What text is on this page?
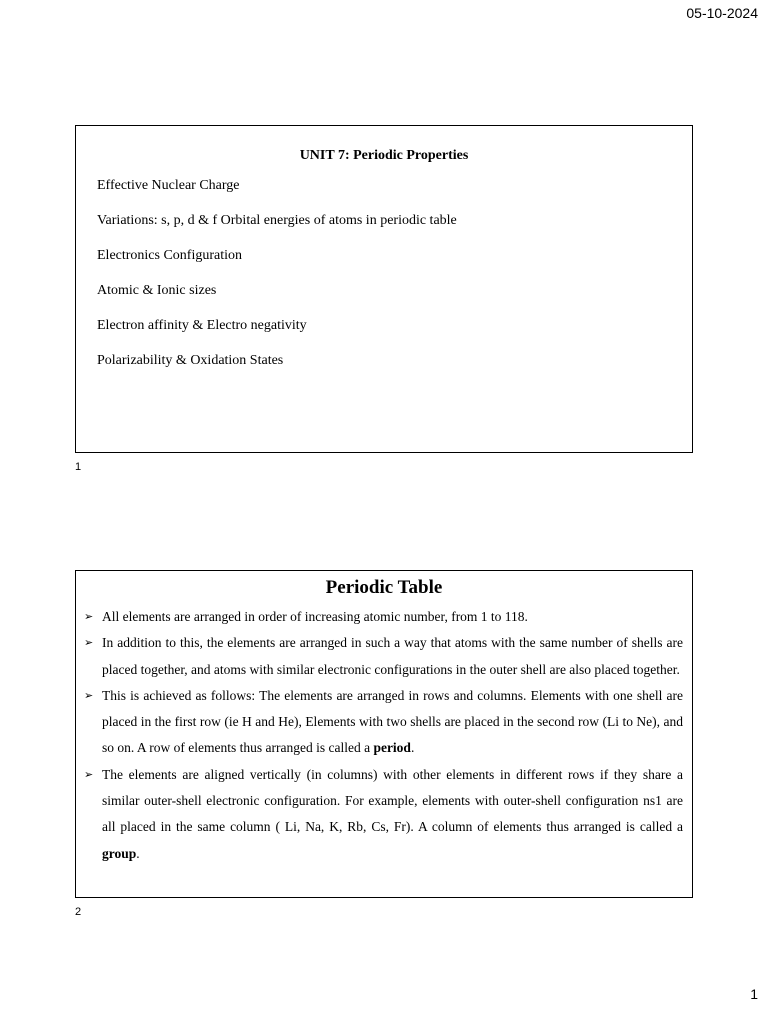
05-10-2024
UNIT 7: Periodic Properties
Effective Nuclear Charge
Variations: s, p, d & f Orbital energies of atoms in periodic table
Electronics Configuration
Atomic & Ionic sizes
Electron affinity & Electro negativity
Polarizability & Oxidation States
1
Periodic Table
➢ All elements are arranged in order of increasing atomic number, from 1 to 118.
➢ In addition to this, the elements are arranged in such a way that atoms with the same number of shells are placed together, and atoms with similar electronic configurations in the outer shell are also placed together.
➢ This is achieved as follows: The elements are arranged in rows and columns. Elements with one shell are placed in the first row (ie H and He), Elements with two shells are placed in the second row (Li to Ne), and so on. A row of elements thus arranged is called a period.
➢ The elements are aligned vertically (in columns) with other elements in different rows if they share a similar outer-shell electronic configuration. For example, elements with outer-shell configuration ns1 are all placed in the same column ( Li, Na, K, Rb, Cs, Fr). A column of elements thus arranged is called a group.
2
1
